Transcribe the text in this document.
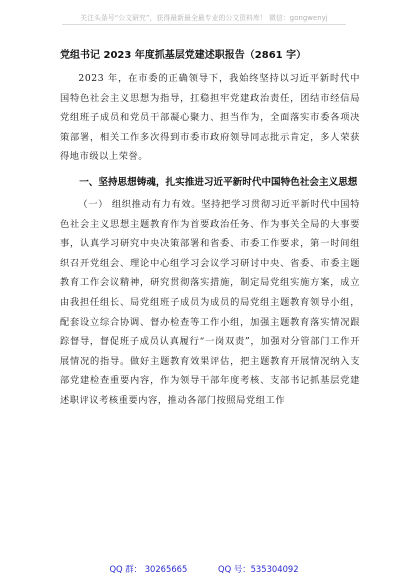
关注头条号“公文研究”，获得最新最全最专业的公文资料库！ 微信：gongwenyj
党组书记 2023 年度抓基层党建述职报告（2861 字）

2023 年，在市委的正确领导下，我始终坚持以习近平新时代中国特色社会主义思想为指导，扛稳担牢党建政治责任，团结市经信局党组班子成员和党员干部凝心聚力、担当作为，全面落实市委各项决策部署，相关工作多次得到市委市政府领导同志批示肯定，多人荣获得地市级以上荣誉。

一、坚持思想铸魂，扎实推进习近平新时代中国特色社会主义思想

（一） 组织推动有力有效。坚持把学习贯彻习近平新时代中国特色社会主义思想主题教育作为首要政治任务、作为事关全局的大事要事，认真学习研究中央决策部署和省委、市委工作要求，第一时间组织召开党组会、理论中心组学习会议学习研讨中央、省委、市委主题教育工作会议精神，研究贯彻落实措施，制定局党组实施方案，成立由我担任组长、局党组班子成员为成员的局党组主题教育领导小组，配套设立综合协调、督办检查等工作小组，加强主题教育落实情况跟踪督导，督促班子成员认真履行“一岗双责”，加强对分管部门工作开展情况的指导。做好主题教育效果评估，把主题教育开展情况纳入支部党建检查重要内容，作为领导干部年度考核、支部书记抓基层党建述职评议考核重要内容，推动各部门按照局党组工作

QQ 群： 30265665	QQ 号：535304092
